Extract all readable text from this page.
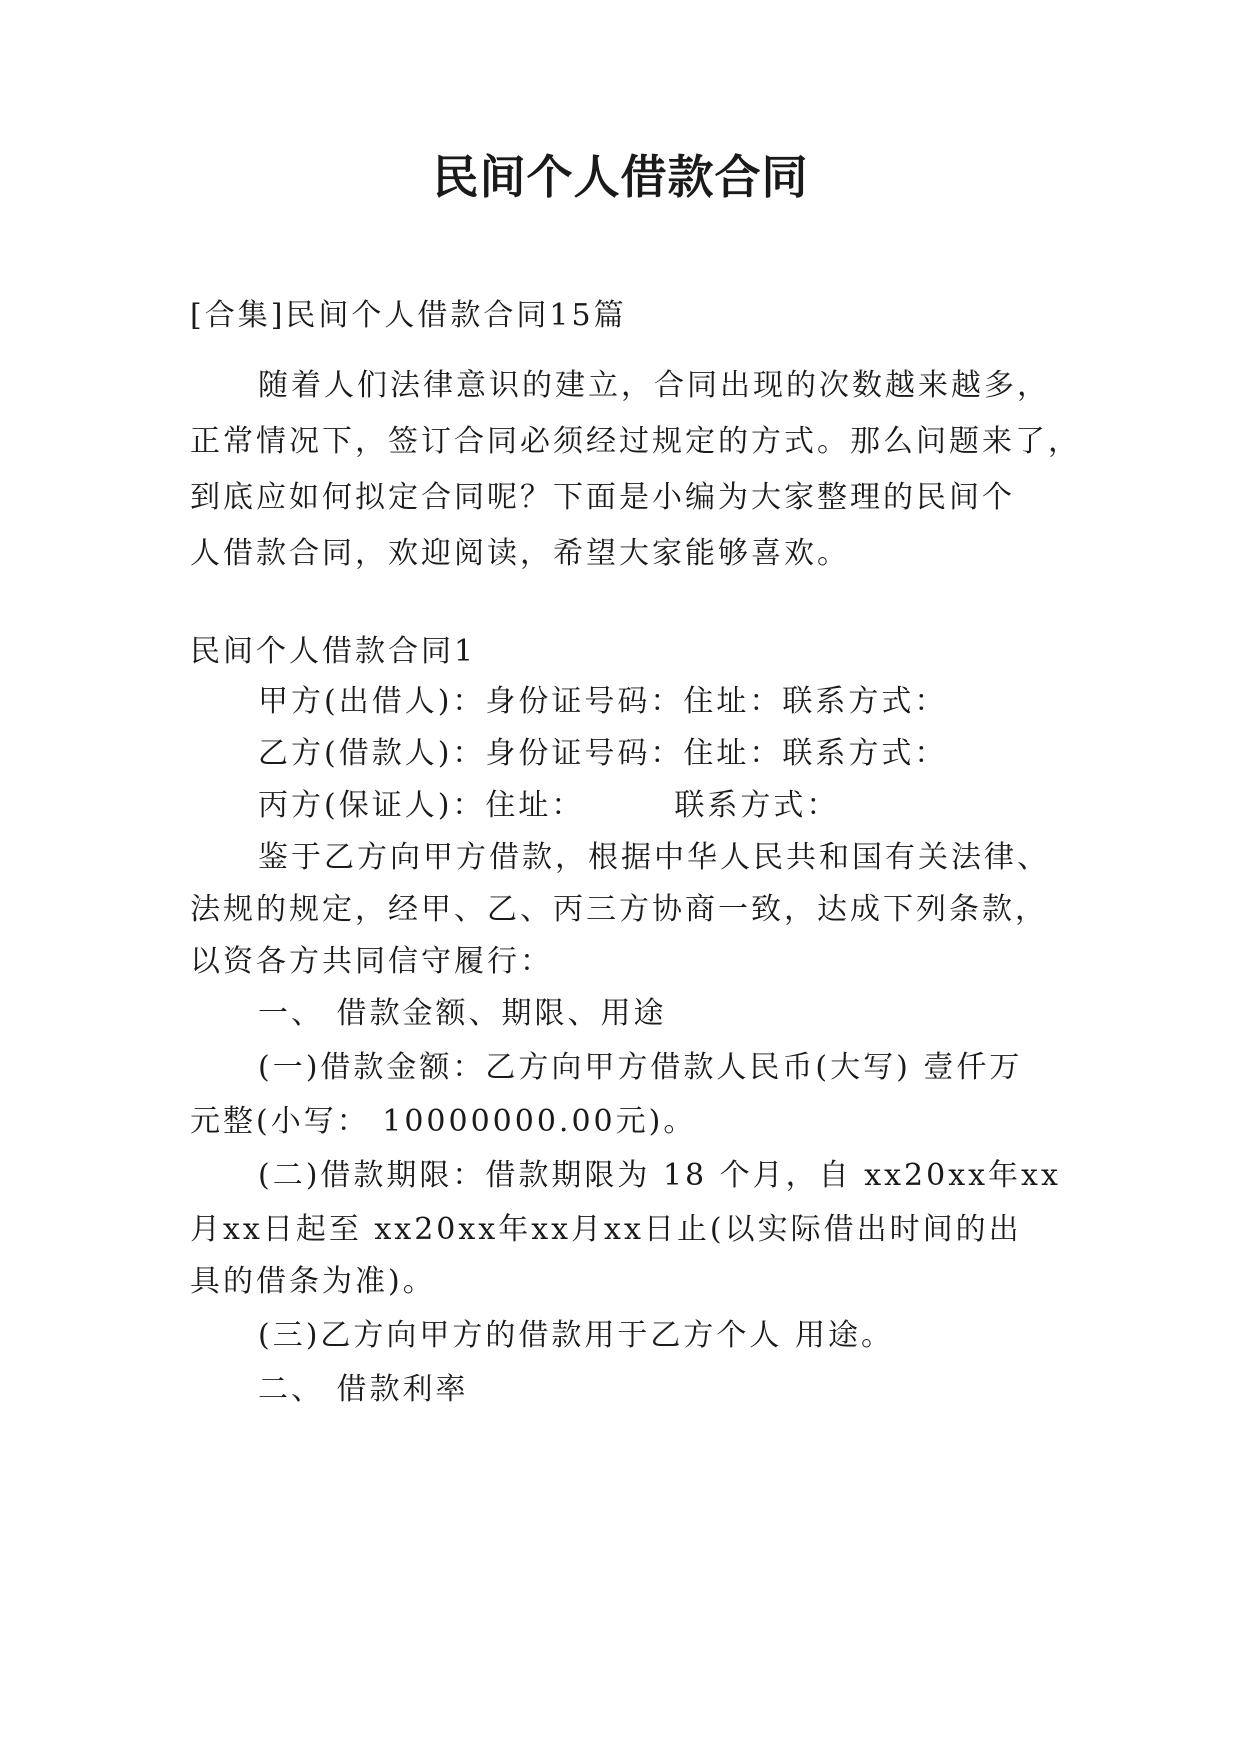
民间个人借款合同
[合集]民间个人借款合同15篇
随着人们法律意识的建立，合同出现的次数越来越多，
正常情况下，签订合同必须经过规定的方式。那么问题来了，
到底应如何拟定合同呢？下面是小编为大家整理的民间个
人借款合同，欢迎阅读，希望大家能够喜欢。
民间个人借款合同1
甲方(出借人)：身份证号码：住址：联系方式：
乙方(借款人)：身份证号码：住址：联系方式：
丙方(保证人)：住址：	联系方式：
鉴于乙方向甲方借款，根据中华人民共和国有关法律、
法规的规定，经甲、乙、丙三方协商一致，达成下列条款，
以资各方共同信守履行：
一、 借款金额、期限、用途
(一)借款金额：乙方向甲方借款人民币(大写) 壹仟万
元整(小写： 10000000.00元)。
(二)借款期限：借款期限为 18 个月，自 xx20xx年xx
月xx日起至 xx20xx年xx月xx日止(以实际借出时间的出
具的借条为准)。
(三)乙方向甲方的借款用于乙方个人 用途。
二、 借款利率
